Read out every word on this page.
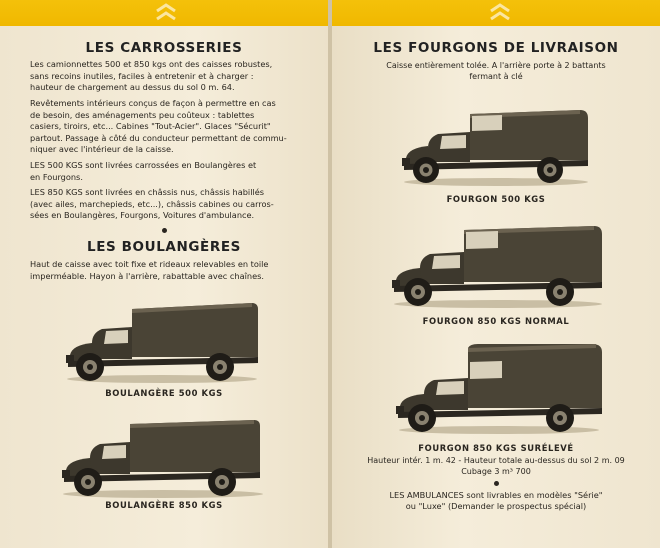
LES CARROSSERIES

Les camionnettes 500 et 850 kgs ont des caisses robustes,
sans recoins inutiles, faciles à entretenir et à charger :
hauteur de chargement au dessus du sol 0 m. 64.

Revêtements intérieurs conçus de façon à permettre en cas
de besoin, des aménagements peu coûteux : tablettes
casiers, tiroirs, etc... Cabines "Tout-Acier". Glaces "Sécurit"
partout. Passage à côté du conducteur permettant de commu-
niquer avec l'intérieur de la caisse.

LES 500 KGS sont livrées carrossées en Boulangères et
en Fourgons.

LES 850 KGS sont livrées en châssis nus, châssis habillés
(avec ailes, marchepieds, etc...), châssis cabines ou carros-
sées en Boulangères, Fourgons, Voitures d'ambulance.

LES BOULANGÈRES

Haut de caisse avec toit fixe et rideaux relevables en toile
imperméable. Hayon à l'arrière, rabattable avec chaînes.

BOULANGÈRE 500 KGS
BOULANGÈRE 850 KGS
LES FOURGONS DE LIVRAISON

Caisse entièrement tolée. A l'arrière porte à 2 battants
fermant à clé

FOURGON 500 KGS
FOURGON 850 KGS NORMAL
FOURGON 850 KGS SURÉLEVÉ

Hauteur intér. 1 m. 42 - Hauteur totale au-dessus du sol 2 m. 09
Cubage 3 m³ 700

LES AMBULANCES sont livrables en modèles "Série"
ou "Luxe" (Demander le prospectus spécial)
